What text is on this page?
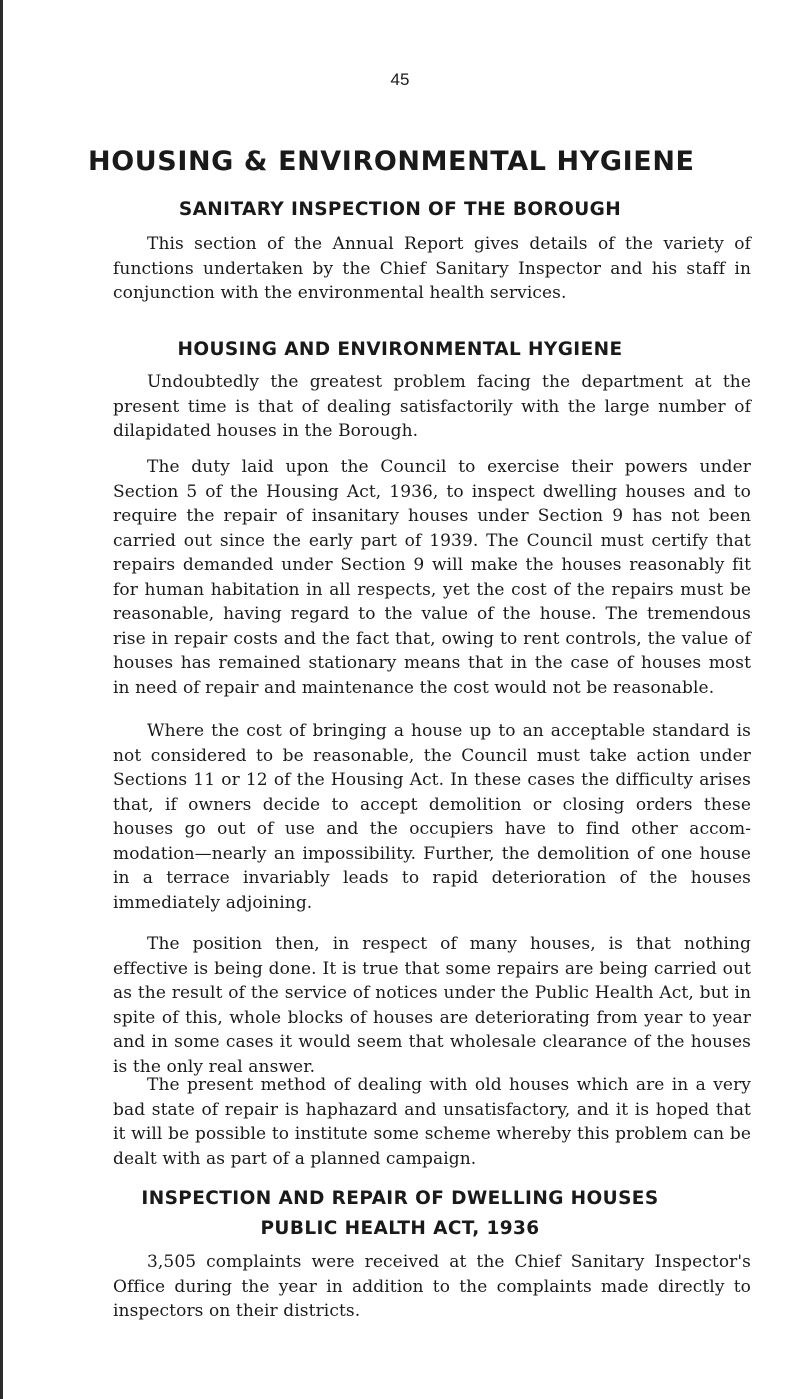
45
HOUSING & ENVIRONMENTAL HYGIENE
SANITARY INSPECTION OF THE BOROUGH

This section of the Annual Report gives details of the variety of functions undertaken by the Chief Sanitary Inspector and his staff in conjunction with the environmental health services.

HOUSING AND ENVIRONMENTAL HYGIENE

Undoubtedly the greatest problem facing the department at the present time is that of dealing satisfactorily with the large number of dilapidated houses in the Borough.

The duty laid upon the Council to exercise their powers under Section 5 of the Housing Act, 1936, to inspect dwelling houses and to require the repair of insanitary houses under Section 9 has not been carried out since the early part of 1939. The Council must certify that repairs demanded under Section 9 will make the houses reasonably fit for human habitation in all respects, yet the cost of the repairs must be reasonable, having regard to the value of the house. The tremendous rise in repair costs and the fact that, owing to rent controls, the value of houses has remained stationary means that in the case of houses most in need of repair and maintenance the cost would not be reasonable.

Where the cost of bringing a house up to an acceptable standard is not considered to be reasonable, the Council must take action under Sections 11 or 12 of the Housing Act. In these cases the difficulty arises that, if owners decide to accept demolition or closing orders these houses go out of use and the occupiers have to find other accommodation—nearly an impossibility. Further, the demolition of one house in a terrace invariably leads to rapid deterioration of the houses immediately adjoining.

The position then, in respect of many houses, is that nothing effective is being done. It is true that some repairs are being carried out as the result of the service of notices under the Public Health Act, but in spite of this, whole blocks of houses are deteriorating from year to year and in some cases it would seem that wholesale clearance of the houses is the only real answer.

The present method of dealing with old houses which are in a very bad state of repair is haphazard and unsatisfactory, and it is hoped that it will be possible to institute some scheme whereby this problem can be dealt with as part of a planned campaign.

INSPECTION AND REPAIR OF DWELLING HOUSES
PUBLIC HEALTH ACT, 1936

3,505 complaints were received at the Chief Sanitary Inspector's Office during the year in addition to the complaints made directly to inspectors on their districts.
